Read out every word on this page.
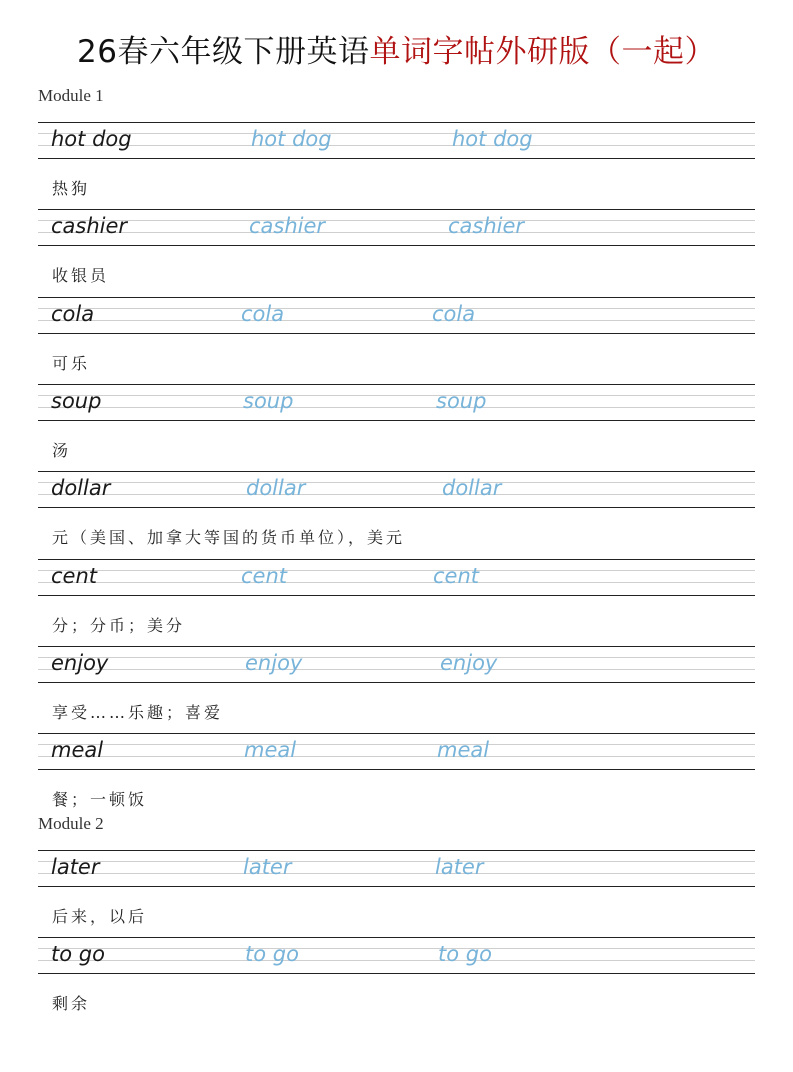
26春六年级下册英语单词字帖外研版（一起）
Module 1
hot dog	hot dog	hot dog
热狗
cashier	cashier	cashier
收银员
cola	cola	cola
可乐
soup	soup	soup
汤
dollar	dollar	dollar
元（美国、加拿大等国的货币单位），美元
cent	cent	cent
分；分币；美分
enjoy	enjoy	enjoy
享受……乐趣；喜爱
meal	meal	meal
餐；一顿饭
Module 2
later	later	later
后来，以后
to go	to go	to go
剩余
